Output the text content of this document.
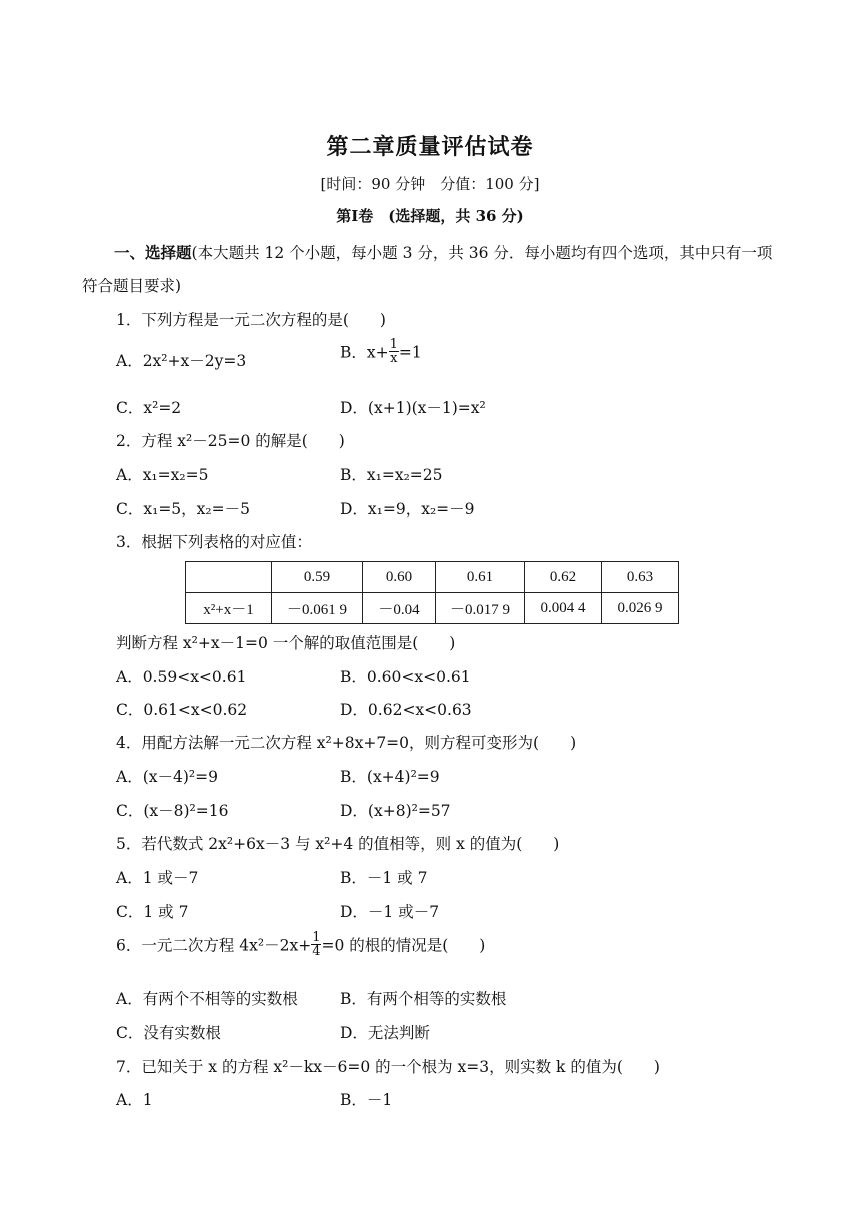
第二章质量评估试卷
[时间：90 分钟　分值：100 分]
第Ⅰ卷　(选择题，共 36 分)
一、选择题(本大题共 12 个小题，每小题 3 分，共 36 分．每小题均有四个选项，其中只有一项符合题目要求)
1．下列方程是一元二次方程的是(　　)
A．2x²+x－2y=3	B．$x+ \frac{1}{x} =1$
C．x²=2	D．(x+1)(x－1)=x²
2．方程 x²－25=0 的解是(　　)
A．x₁=x₂=5	B．x₁=x₂=25
C．x₁=5，x₂=－5	D．x₁=9，x₂=－9
3．根据下列表格的对应值：
	0.59	0.60	0.61	0.62	0.63
x²+x－1	－0.061 9	－0.04	－0.017 9	0.004 4	0.026 9
判断方程 x²+x－1=0 一个解的取值范围是(　　)
A．0.59<x<0.61	B．0.60<x<0.61
C．0.61<x<0.62	D．0.62<x<0.63
4．用配方法解一元二次方程 x²+8x+7=0，则方程可变形为(　　)
A．(x－4)²=9	B．(x+4)²=9
C．(x－8)²=16	D．(x+8)²=57
5．若代数式 2x²+6x－3 与 x²+4 的值相等，则 x 的值为(　　)
A．1 或－7	B．－1 或 7
C．1 或 7	D．－1 或－7
6．一元二次方程 $4x^2-2x+ \frac{1}{4} =0$ 的根的情况是(　　)
A．有两个不相等的实数根	B．有两个相等的实数根
C．没有实数根	D．无法判断
7．已知关于 x 的方程 x²－kx－6=0 的一个根为 x=3，则实数 k 的值为(　　)
A．1	B．－1
